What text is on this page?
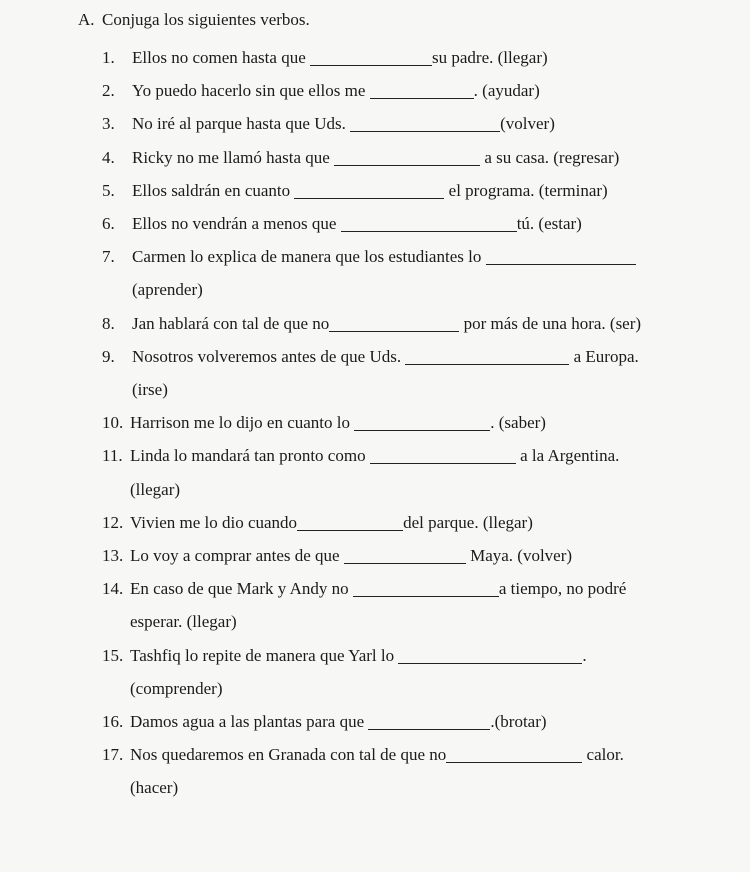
A. Conjuga los siguientes verbos.
1.	Ellos no comen hasta que	su padre. (llegar)
2.	Yo puedo hacerlo sin que ellos me	. (ayudar)
3.	No iré al parque hasta que Uds.	(volver)
4.	Ricky no me llamó hasta que	a su casa. (regresar)
5.	Ellos saldrán en cuanto	el programa. (terminar)
6.	Ellos no vendrán a menos que	tú. (estar)
7.	Carmen lo explica de manera que los estudiantes lo
(aprender)
8.	Jan hablará con tal de que no	por más de una hora. (ser)
9.	Nosotros volveremos antes de que Uds.	a Europa.
(irse)
10. Harrison me lo dijo en cuanto lo	. (saber)
11. Linda lo mandará tan pronto como	a la Argentina.
(llegar)
12. Vivien me lo dio cuando	del parque. (llegar)
13. Lo voy a comprar antes de que	Maya. (volver)
14. En caso de que Mark y Andy no	a tiempo, no podré
esperar. (llegar)
15. Tashfiq lo repite de manera que Yarl lo	.
(comprender)
16. Damos agua a las plantas para que	.(brotar)
17. Nos quedaremos en Granada con tal de que no	calor.
(hacer)
